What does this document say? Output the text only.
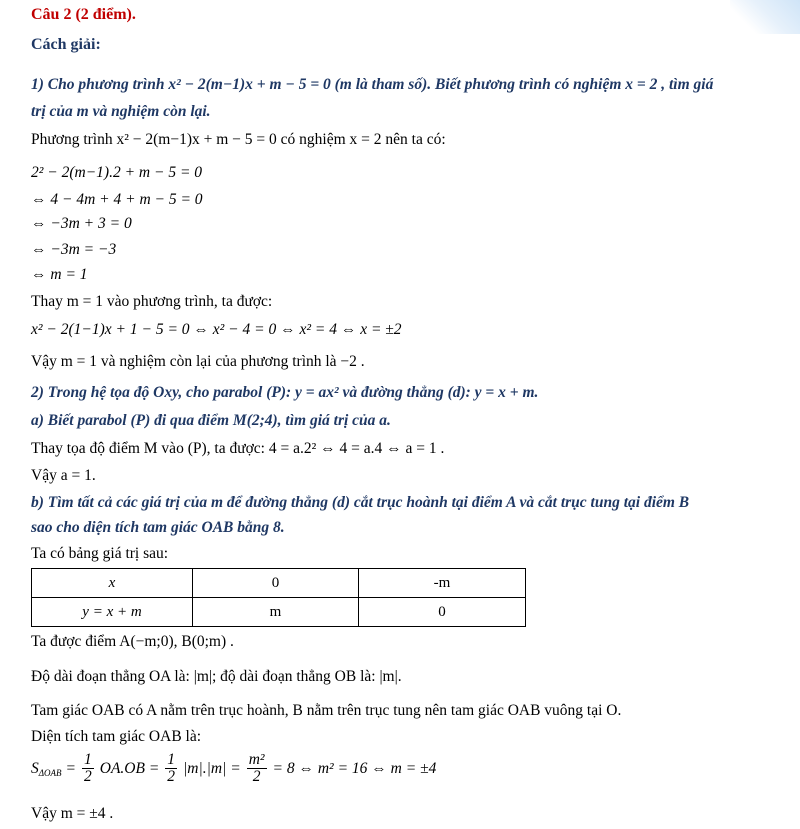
Câu 2 (2 điểm).
Cách giải:
1) Cho phương trình x² − 2(m−1)x + m − 5 = 0 (m là tham số). Biết phương trình có nghiệm x = 2 , tìm giá
trị của m và nghiệm còn lại.
Phương trình x² − 2(m−1)x + m − 5 = 0 có nghiệm x = 2 nên ta có:
2² − 2(m−1).2 + m − 5 = 0
⇔ 4 − 4m + 4 + m − 5 = 0
⇔ −3m + 3 = 0
⇔ −3m = −3
⇔ m = 1
Thay m = 1 vào phương trình, ta được:
x² − 2(1−1)x + 1 − 5 = 0 ⇔ x² − 4 = 0 ⇔ x² = 4 ⇔ x = ±2
Vậy m = 1 và nghiệm còn lại của phương trình là −2 .
2) Trong hệ tọa độ Oxy, cho parabol (P): y = ax² và đường thẳng (d): y = x + m.
a) Biết parabol (P) đi qua điểm M(2;4), tìm giá trị của a.
Thay tọa độ điểm M vào (P), ta được: 4 = a.2² ⇔ 4 = a.4 ⇔ a = 1 .
Vậy a = 1.
b) Tìm tất cả các giá trị của m để đường thẳng (d) cắt trục hoành tại điểm A và cắt trục tung tại điểm B
sao cho diện tích tam giác OAB bằng 8.
Ta có bảng giá trị sau:
x	0	-m
y = x + m	m	0
Ta được điểm A(−m;0), B(0;m) .
Độ dài đoạn thẳng OA là: |m|; độ dài đoạn thẳng OB là: |m|.
Tam giác OAB có A nằm trên trục hoành, B nằm trên trục tung nên tam giác OAB vuông tại O.
Diện tích tam giác OAB là:
$S_{\Delta OAB} = \frac{1}{2} OA.OB = \frac{1}{2} |m|.|m| = \frac{\text{m²}}{2} = 8$ ⇔ m² = 16 ⇔ m = ±4
Vậy m = ±4 .
